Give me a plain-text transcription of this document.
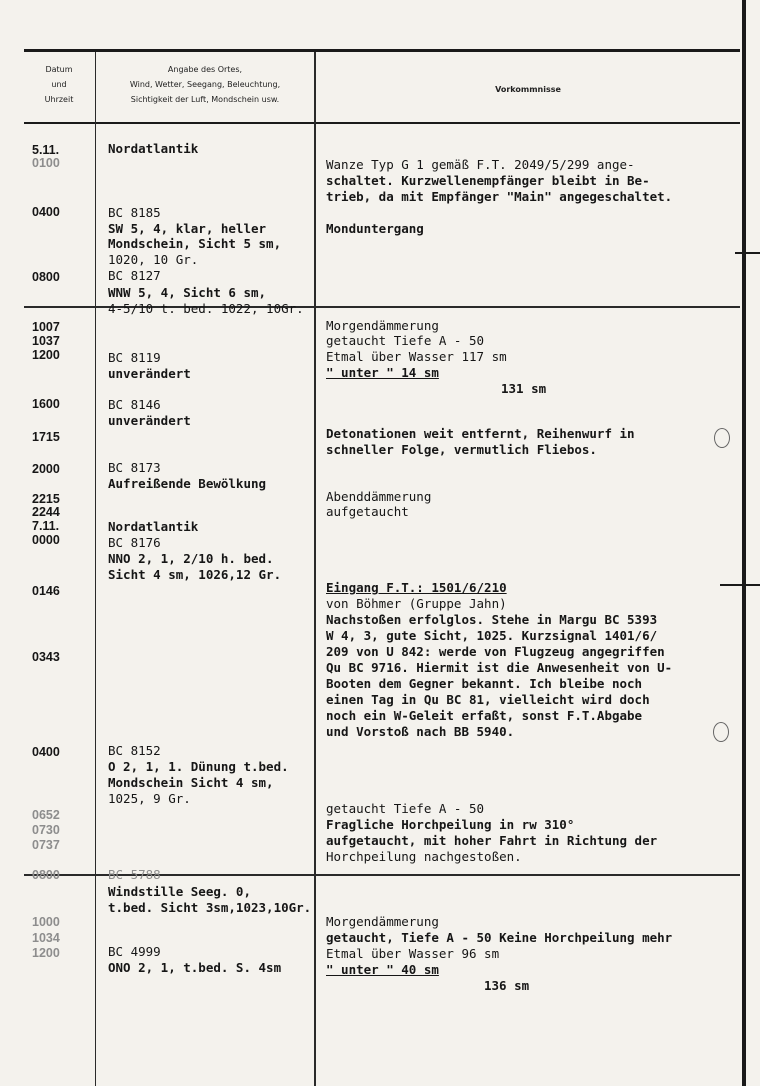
Datum
und
Uhrzeit
Angabe des Ortes,
Wind, Wetter, Seegang, Beleuchtung,
Sichtigkeit der Luft, Mondschein usw.
Vorkommnisse
5.11.
0100
0400
0800
1007
1037
1200
1600
1715
2000
2215
2244
7.11.
0000
0146
0343
0400
0652
0730
0737
0800
1000
1034
1200
Nordatlantik
BC 8185
SW 5, 4, klar, heller
Mondschein, Sicht 5 sm,
1020, 10 Gr.
BC 8127
WNW 5, 4, Sicht 6 sm,
4-5/10 t. bed. 1022, 10Gr.
BC 8119
unverändert
BC 8146
unverändert
BC 8173
Aufreißende Bewölkung
Nordatlantik
BC 8176
NNO 2, 1, 2/10 h. bed.
Sicht 4 sm, 1026,12 Gr.
BC 8152
O 2, 1, 1. Dünung t.bed.
Mondschein Sicht 4 sm,
1025, 9 Gr.
BC 5788
Windstille Seeg. 0,
t.bed. Sicht 3sm,1023,10Gr.
BC 4999
ONO 2, 1, t.bed. S. 4sm
Wanze Typ G 1 gemäß F.T. 2049/5/299 ange-
schaltet. Kurzwellenempfänger bleibt in Be-
trieb, da mit Empfänger "Main" angegeschaltet.
Monduntergang
Morgendämmerung
getaucht Tiefe A - 50
Etmal über Wasser 117 sm
" unter " 14 sm
131 sm
Detonationen weit entfernt, Reihenwurf in
schneller Folge, vermutlich Fliebos.
Abenddämmerung
aufgetaucht
Eingang F.T.: 1501/6/210
von Böhmer (Gruppe Jahn)
Nachstoßen erfolglos. Stehe in Margu BC 5393
W 4, 3, gute Sicht, 1025. Kurzsignal 1401/6/
209 von U 842: werde von Flugzeug angegriffen
Qu BC 9716. Hiermit ist die Anwesenheit von U-
Booten dem Gegner bekannt. Ich bleibe noch
einen Tag in Qu BC 81, vielleicht wird doch
noch ein W-Geleit erfaßt, sonst F.T.Abgabe
und Vorstoß nach BB 5940.
getaucht Tiefe A - 50
Fragliche Horchpeilung in rw 310°
aufgetaucht, mit hoher Fahrt in Richtung der
Horchpeilung nachgestoßen.
Morgendämmerung
getaucht, Tiefe A - 50 Keine Horchpeilung mehr
Etmal über Wasser 96 sm
" unter " 40 sm
136 sm
